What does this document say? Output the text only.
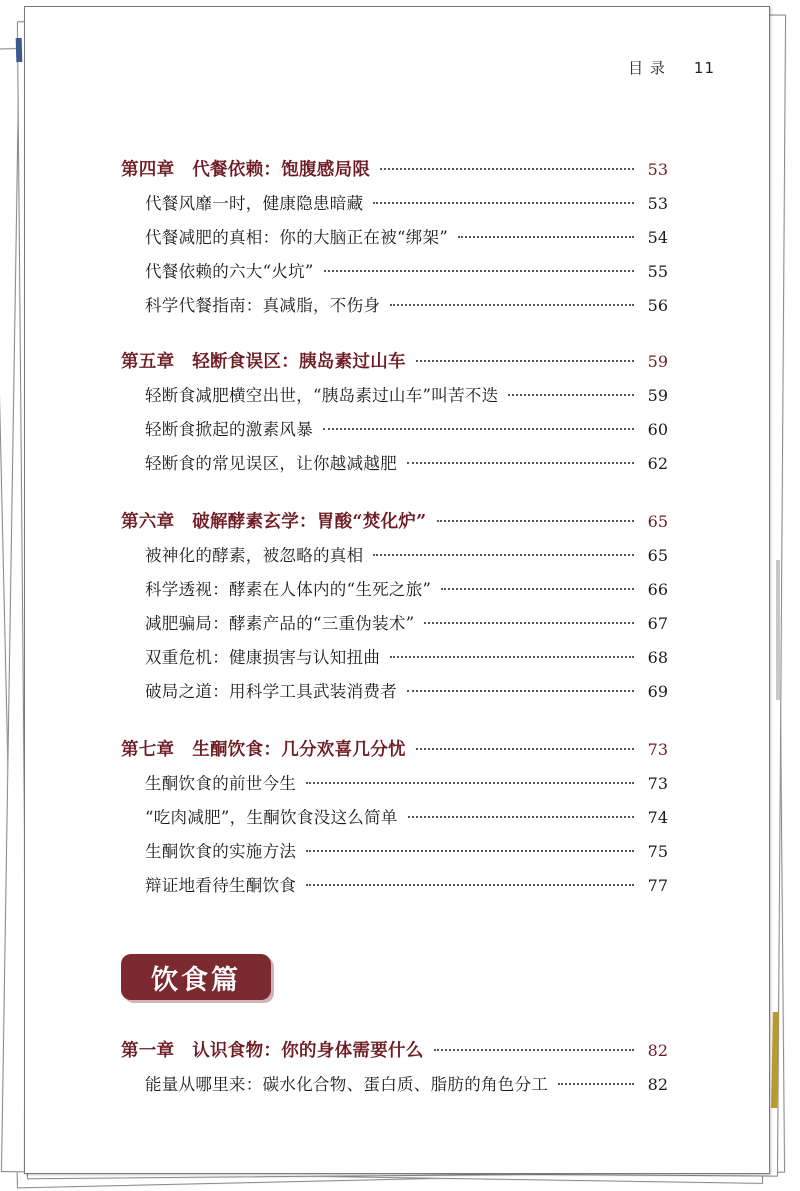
目 录 11
第四章　代餐依赖：饱腹感局限	53
代餐风靡一时，健康隐患暗藏	53
代餐减肥的真相：你的大脑正在被“绑架”	54
代餐依赖的六大“火坑”	55
科学代餐指南：真减脂，不伤身	56
第五章　轻断食误区：胰岛素过山车	59
轻断食减肥横空出世，“胰岛素过山车”叫苦不迭	59
轻断食掀起的激素风暴	60
轻断食的常见误区，让你越减越肥	62
第六章　破解酵素玄学：胃酸“焚化炉”	65
被神化的酵素，被忽略的真相	65
科学透视：酵素在人体内的“生死之旅”	66
减肥骗局：酵素产品的“三重伪装术”	67
双重危机：健康损害与认知扭曲	68
破局之道：用科学工具武装消费者	69
第七章　生酮饮食：几分欢喜几分忧	73
生酮饮食的前世今生	73
“吃肉减肥”，生酮饮食没这么简单	74
生酮饮食的实施方法	75
辩证地看待生酮饮食	77
饮食篇
第一章　认识食物：你的身体需要什么	82
能量从哪里来：碳水化合物、蛋白质、脂肪的角色分工	82
